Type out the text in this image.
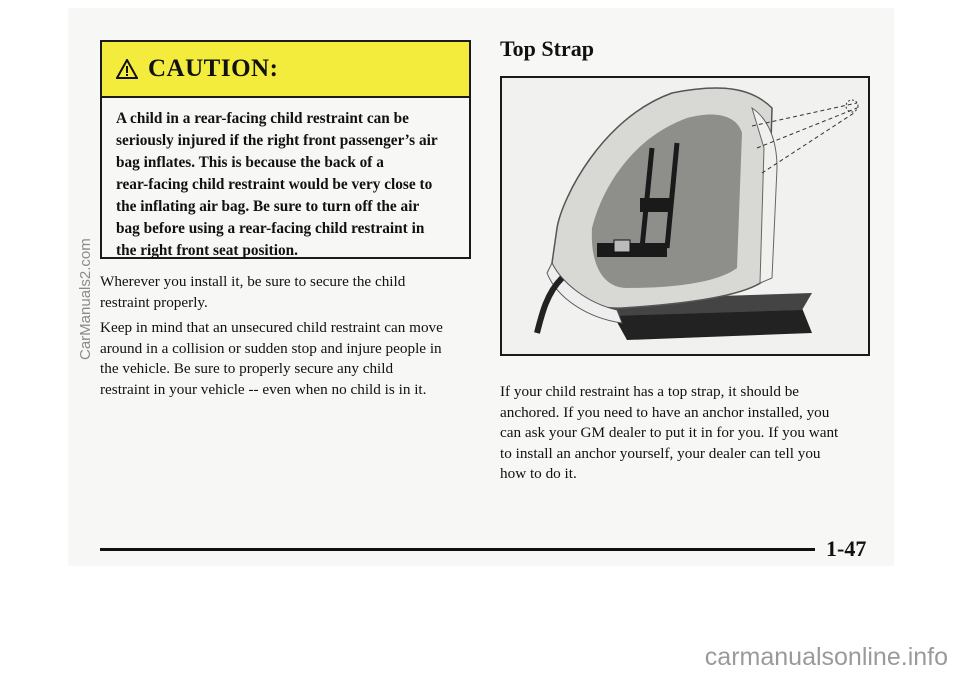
CAUTION:
A child in a rear-facing child restraint can be
seriously injured if the right front passenger’s air
bag inflates. This is because the back of a
rear-facing child restraint would be very close to
the inflating air bag. Be sure to turn off the air
bag before using a rear-facing child restraint in
the right front seat position.
Wherever you install it, be sure to secure the child
restraint properly.
Keep in mind that an unsecured child restraint can move
around in a collision or sudden stop and injure people in
the vehicle. Be sure to properly secure any child
restraint in your vehicle -- even when no child is in it.
Top Strap
If your child restraint has a top strap, it should be
anchored. If you need to have an anchor installed, you
can ask your GM dealer to put it in for you. If you want
to install an anchor yourself, your dealer can tell you
how to do it.
1-47
CarManuals2.com
carmanualsonline.info
